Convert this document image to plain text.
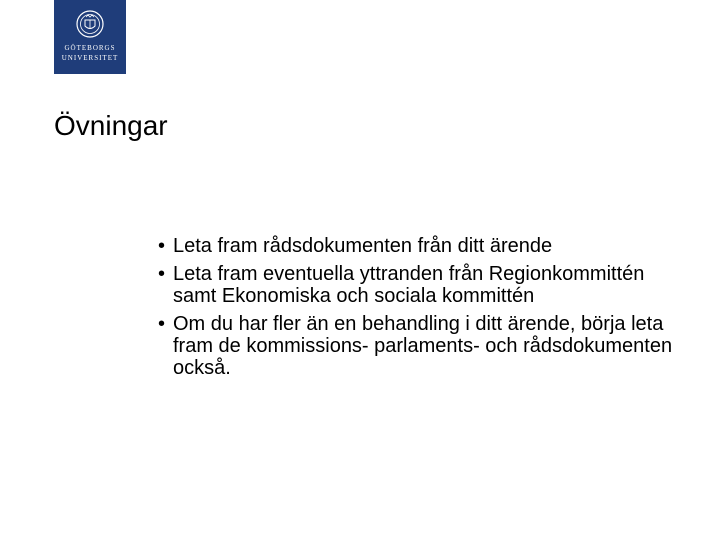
GÖTEBORGS
UNIVERSITET
Övningar
• Leta fram rådsdokumenten från ditt ärende
• Leta fram eventuella yttranden från Regionkommittén samt Ekonomiska och sociala kommittén
• Om du har fler än en behandling i ditt ärende, börja leta fram de kommissions- parlaments- och rådsdokumenten också.
